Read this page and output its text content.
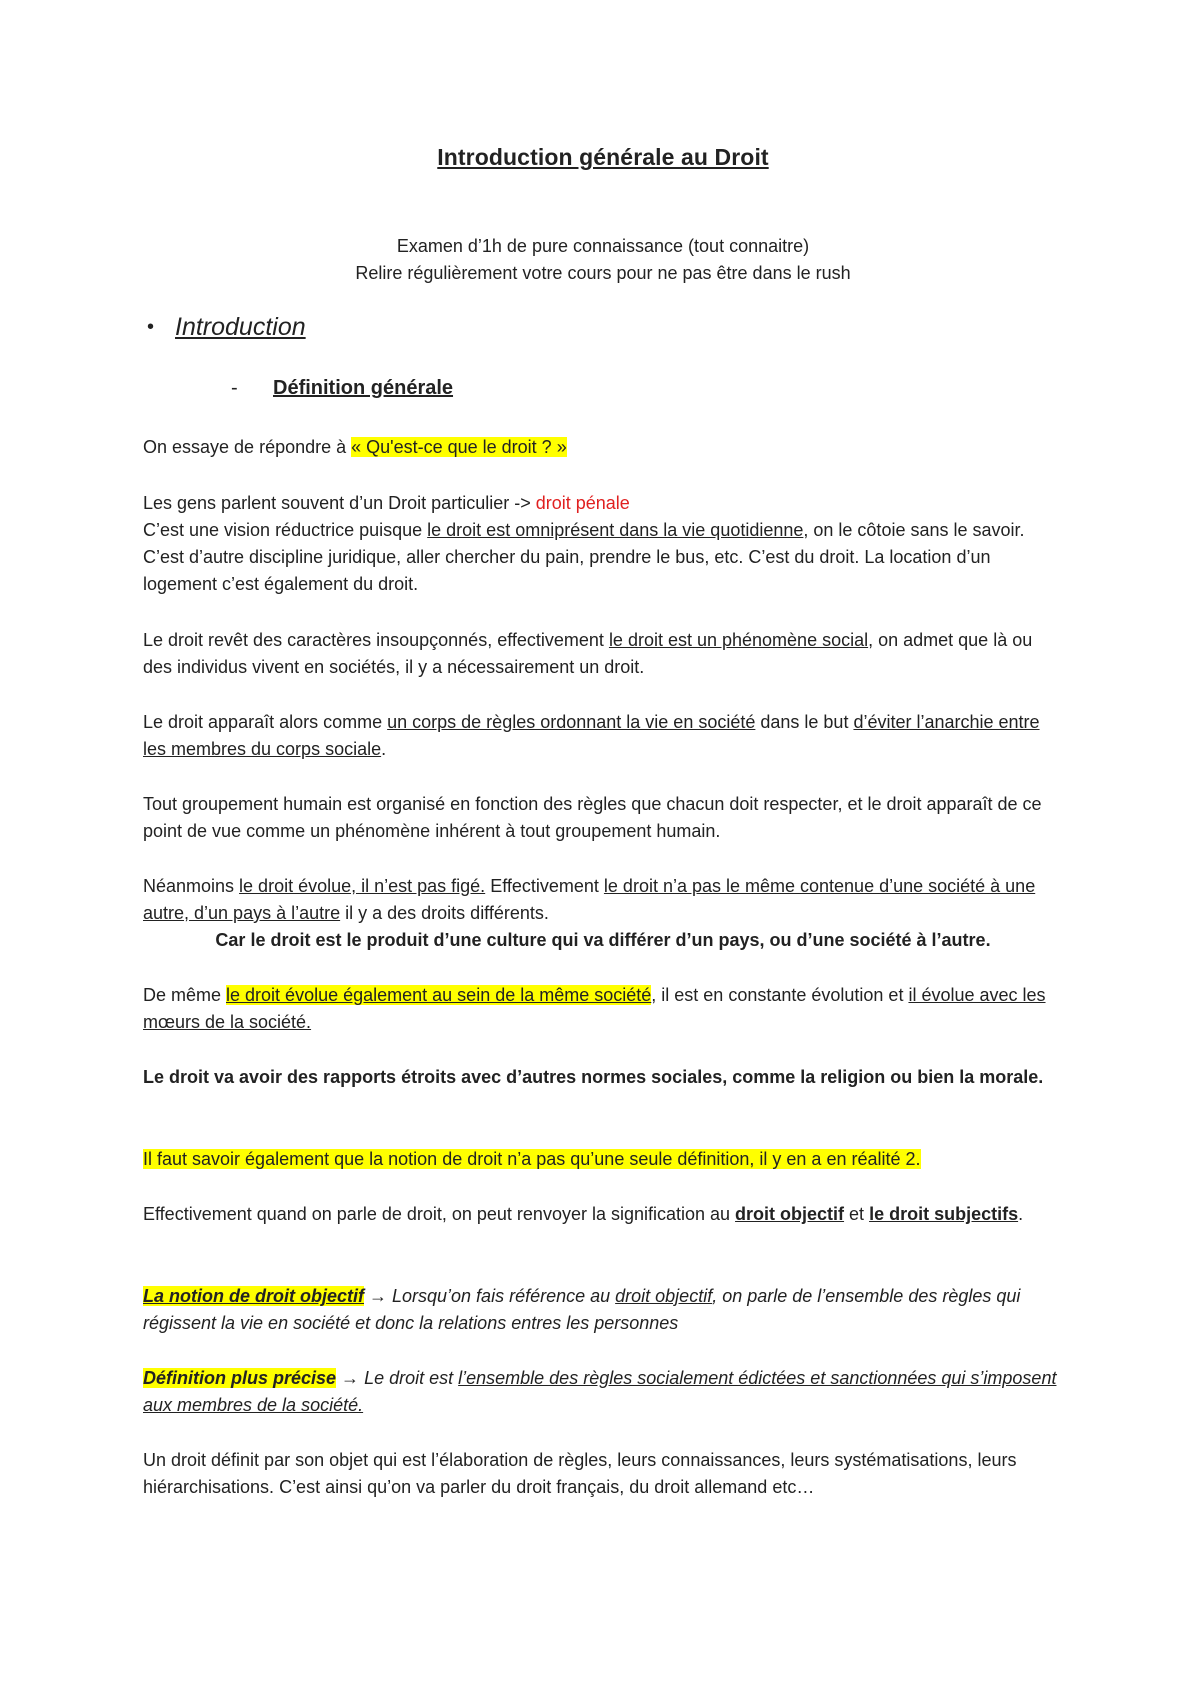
Introduction générale au Droit
Examen d’1h de pure connaissance (tout connaitre)
Relire régulièrement votre cours pour ne pas être dans le rush
• Introduction
- Définition générale
On essaye de répondre à « Qu'est-ce que le droit ? »
Les gens parlent souvent d’un Droit particulier -> droit pénale
C’est une vision réductrice puisque le droit est omniprésent dans la vie quotidienne, on le côtoie sans le savoir. C’est d’autre discipline juridique, aller chercher du pain, prendre le bus, etc. C’est du droit. La location d’un logement c’est également du droit.
Le droit revêt des caractères insoupçonnés, effectivement le droit est un phénomène social, on admet que là ou des individus vivent en sociétés, il y a nécessairement un droit.
Le droit apparaît alors comme un corps de règles ordonnant la vie en société dans le but d’éviter l’anarchie entre les membres du corps sociale.
Tout groupement humain est organisé en fonction des règles que chacun doit respecter, et le droit apparaît de ce point de vue comme un phénomène inhérent à tout groupement humain.
Néanmoins le droit évolue, il n’est pas figé. Effectivement le droit n’a pas le même contenue d’une société à une autre, d’un pays à l’autre il y a des droits différents.
Car le droit est le produit d’une culture qui va différer d’un pays, ou d’une société à l’autre.
De même le droit évolue également au sein de la même société, il est en constante évolution et il évolue avec les mœurs de la société.
Le droit va avoir des rapports étroits avec d’autres normes sociales, comme la religion ou bien la morale.
Il faut savoir également que la notion de droit n’a pas qu’une seule définition, il y en a en réalité 2.
Effectivement quand on parle de droit, on peut renvoyer la signification au droit objectif et le droit subjectifs.
La notion de droit objectif → Lorsqu’on fais référence au droit objectif, on parle de l’ensemble des règles qui régissent la vie en société et donc la relations entres les personnes
Définition plus précise → Le droit est l’ensemble des règles socialement édictées et sanctionnées qui s’imposent aux membres de la société.
Un droit définit par son objet qui est l’élaboration de règles, leurs connaissances, leurs systématisations, leurs hiérarchisations. C’est ainsi qu’on va parler du droit français, du droit allemand etc…
